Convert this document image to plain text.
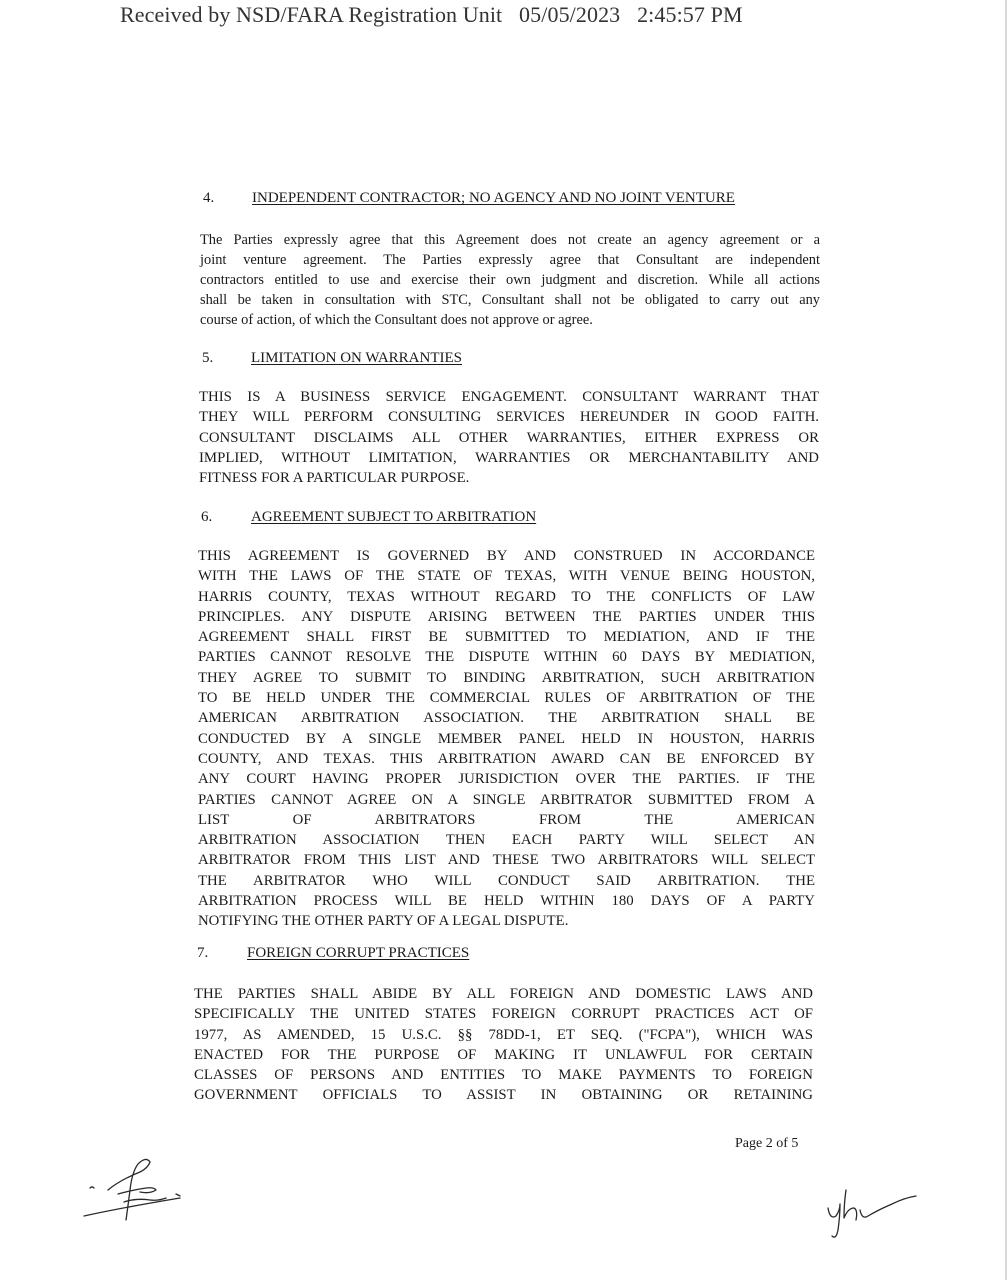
Received by NSD/FARA Registration Unit   05/05/2023   2:45:57 PM
4.	INDEPENDENT CONTRACTOR; NO AGENCY AND NO JOINT VENTURE
The Parties expressly agree that this Agreement does not create an agency agreement or a
joint venture agreement. The Parties expressly agree that Consultant are independent
contractors entitled to use and exercise their own judgment and discretion. While all actions
shall be taken in consultation with STC, Consultant shall not be obligated to carry out any
course of action, of which the Consultant does not approve or agree.
5.	LIMITATION ON WARRANTIES
THIS IS A BUSINESS SERVICE ENGAGEMENT. CONSULTANT WARRANT THAT
THEY WILL PERFORM CONSULTING SERVICES HEREUNDER IN GOOD FAITH.
CONSULTANT DISCLAIMS ALL OTHER WARRANTIES, EITHER EXPRESS OR
IMPLIED, WITHOUT LIMITATION, WARRANTIES OR MERCHANTABILITY AND
FITNESS FOR A PARTICULAR PURPOSE.
6.	AGREEMENT SUBJECT TO ARBITRATION
THIS AGREEMENT IS GOVERNED BY AND CONSTRUED IN ACCORDANCE
WITH THE LAWS OF THE STATE OF TEXAS, WITH VENUE BEING HOUSTON,
HARRIS COUNTY, TEXAS WITHOUT REGARD TO THE CONFLICTS OF LAW
PRINCIPLES. ANY DISPUTE ARISING BETWEEN THE PARTIES UNDER THIS
AGREEMENT SHALL FIRST BE SUBMITTED TO MEDIATION, AND IF THE
PARTIES CANNOT RESOLVE THE DISPUTE WITHIN 60 DAYS BY MEDIATION,
THEY AGREE TO SUBMIT TO BINDING ARBITRATION, SUCH ARBITRATION
TO BE HELD UNDER THE COMMERCIAL RULES OF ARBITRATION OF THE
AMERICAN ARBITRATION ASSOCIATION. THE ARBITRATION SHALL BE
CONDUCTED BY A SINGLE MEMBER PANEL HELD IN HOUSTON, HARRIS
COUNTY, AND TEXAS. THIS ARBITRATION AWARD CAN BE ENFORCED BY
ANY COURT HAVING PROPER JURISDICTION OVER THE PARTIES. IF THE
PARTIES CANNOT AGREE ON A SINGLE ARBITRATOR SUBMITTED FROM A
LIST OF ARBITRATORS FROM THE AMERICAN
ARBITRATION ASSOCIATION THEN EACH PARTY WILL SELECT AN
ARBITRATOR FROM THIS LIST AND THESE TWO ARBITRATORS WILL SELECT
THE ARBITRATOR WHO WILL CONDUCT SAID ARBITRATION. THE
ARBITRATION PROCESS WILL BE HELD WITHIN 180 DAYS OF A PARTY
NOTIFYING THE OTHER PARTY OF A LEGAL DISPUTE.
7.	FOREIGN CORRUPT PRACTICES
THE PARTIES SHALL ABIDE BY ALL FOREIGN AND DOMESTIC LAWS AND
SPECIFICALLY THE UNITED STATES FOREIGN CORRUPT PRACTICES ACT OF
1977, AS AMENDED, 15 U.S.C. §§ 78DD-1, ET SEQ. ("FCPA"), WHICH WAS
ENACTED FOR THE PURPOSE OF MAKING IT UNLAWFUL FOR CERTAIN
CLASSES OF PERSONS AND ENTITIES TO MAKE PAYMENTS TO FOREIGN
GOVERNMENT OFFICIALS TO ASSIST IN OBTAINING OR RETAINING
Page 2 of 5
